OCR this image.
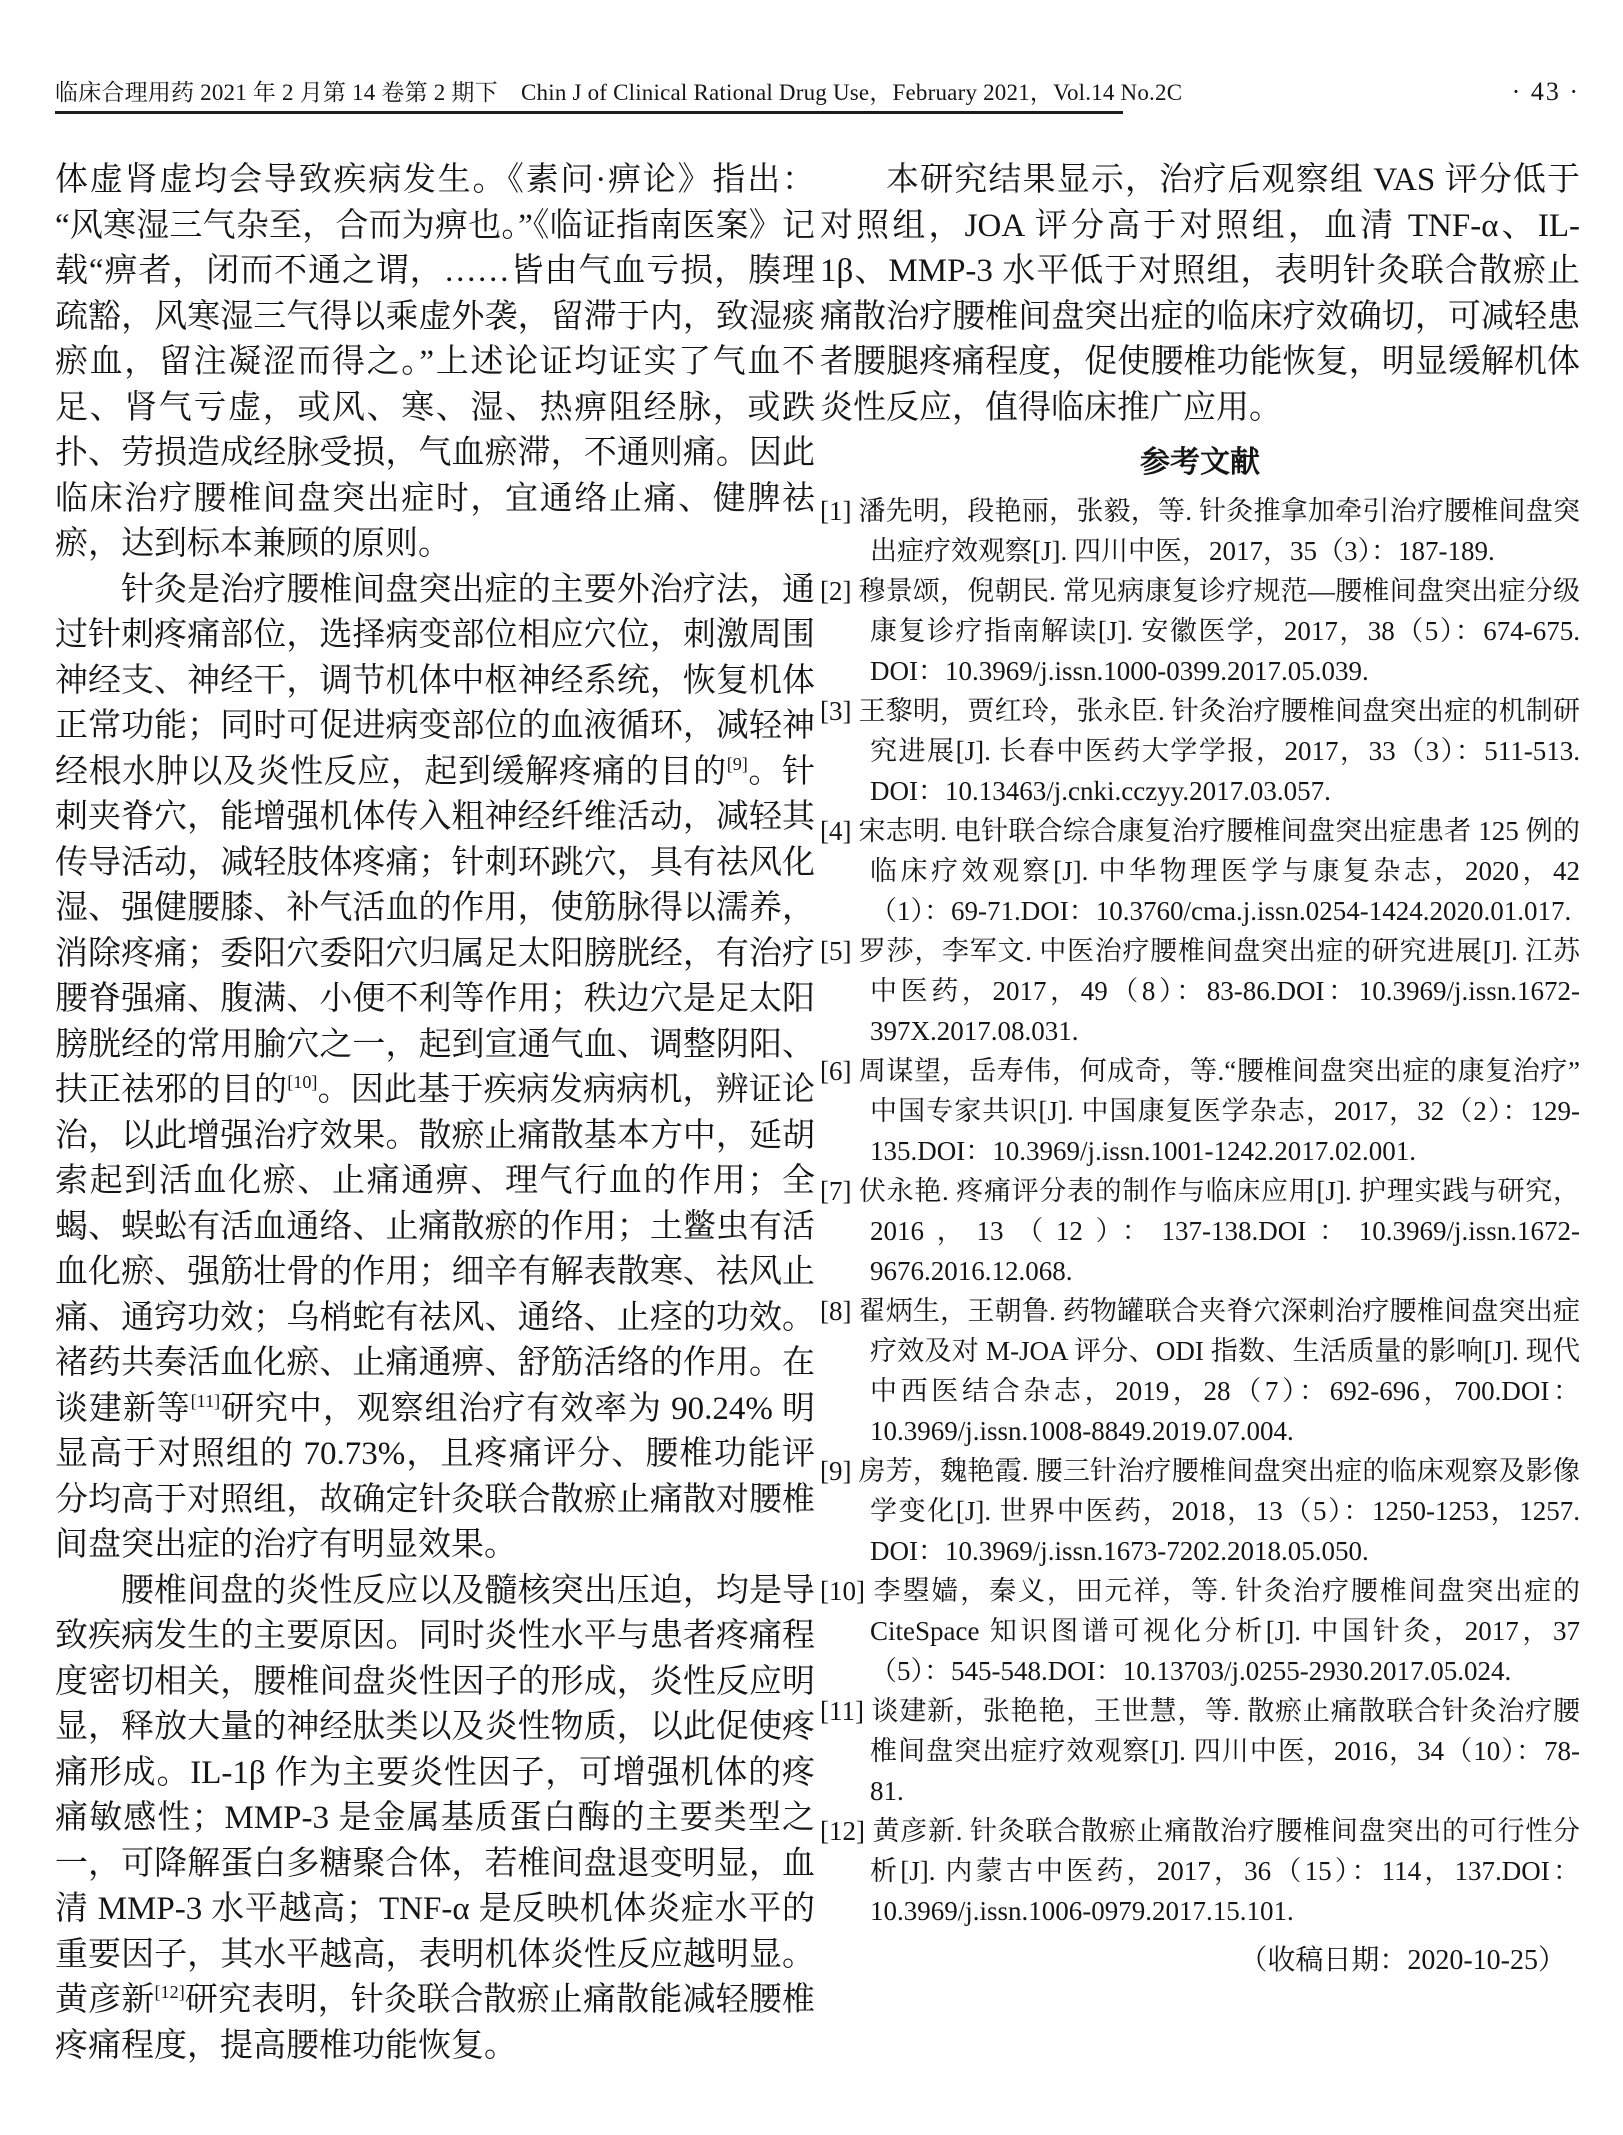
临床合理用药 2021 年 2 月第 14 卷第 2 期下　Chin J of Clinical Rational Drug Use，February 2021，Vol.14 No.2C	· 43 ·

体虚肾虚均会导致疾病发生。《素问·痹论》指出：“风寒湿三气杂至，合而为痹也。”《临证指南医案》记载“痹者，闭而不通之谓，……皆由气血亏损，腠理疏豁，风寒湿三气得以乘虚外袭，留滞于内，致湿痰瘀血，留注凝涩而得之。”上述论证均证实了气血不足、肾气亏虚，或风、寒、湿、热痹阻经脉，或跌扑、劳损造成经脉受损，气血瘀滞，不通则痛。因此临床治疗腰椎间盘突出症时，宜通络止痛、健脾祛瘀，达到标本兼顾的原则。

针灸是治疗腰椎间盘突出症的主要外治疗法，通过针刺疼痛部位，选择病变部位相应穴位，刺激周围神经支、神经干，调节机体中枢神经系统，恢复机体正常功能；同时可促进病变部位的血液循环，减轻神经根水肿以及炎性反应，起到缓解疼痛的目的[9]。针刺夹脊穴，能增强机体传入粗神经纤维活动，减轻其传导活动，减轻肢体疼痛；针刺环跳穴，具有祛风化湿、强健腰膝、补气活血的作用，使筋脉得以濡养，消除疼痛；委阳穴委阳穴归属足太阳膀胱经，有治疗腰脊强痛、腹满、小便不利等作用；秩边穴是足太阳膀胱经的常用腧穴之一，起到宣通气血、调整阴阳、扶正祛邪的目的[10]。因此基于疾病发病病机，辨证论治，以此增强治疗效果。散瘀止痛散基本方中，延胡索起到活血化瘀、止痛通痹、理气行血的作用；全蝎、蜈蚣有活血通络、止痛散瘀的作用；土鳖虫有活血化瘀、强筋壮骨的作用；细辛有解表散寒、祛风止痛、通窍功效；乌梢蛇有祛风、通络、止痉的功效。褚药共奏活血化瘀、止痛通痹、舒筋活络的作用。在谈建新等[11]研究中，观察组治疗有效率为 90.24% 明显高于对照组的 70.73%，且疼痛评分、腰椎功能评分均高于对照组，故确定针灸联合散瘀止痛散对腰椎间盘突出症的治疗有明显效果。

腰椎间盘的炎性反应以及髓核突出压迫，均是导致疾病发生的主要原因。同时炎性水平与患者疼痛程度密切相关，腰椎间盘炎性因子的形成，炎性反应明显，释放大量的神经肽类以及炎性物质，以此促使疼痛形成。IL-1β 作为主要炎性因子，可增强机体的疼痛敏感性；MMP-3 是金属基质蛋白酶的主要类型之一，可降解蛋白多糖聚合体，若椎间盘退变明显，血清 MMP-3 水平越高；TNF-α 是反映机体炎症水平的重要因子，其水平越高，表明机体炎性反应越明显。黄彦新[12]研究表明，针灸联合散瘀止痛散能减轻腰椎疼痛程度，提高腰椎功能恢复。

本研究结果显示，治疗后观察组 VAS 评分低于对照组，JOA 评分高于对照组，血清 TNF-α、IL-1β、MMP-3 水平低于对照组，表明针灸联合散瘀止痛散治疗腰椎间盘突出症的临床疗效确切，可减轻患者腰腿疼痛程度，促使腰椎功能恢复，明显缓解机体炎性反应，值得临床推广应用。

参考文献
[1] 潘先明，段艳丽，张毅，等. 针灸推拿加牵引治疗腰椎间盘突出症疗效观察[J]. 四川中医，2017，35（3）：187-189.
[2] 穆景颂，倪朝民. 常见病康复诊疗规范—腰椎间盘突出症分级康复诊疗指南解读[J]. 安徽医学，2017，38（5）：674-675. DOI：10.3969/j.issn.1000-0399.2017.05.039.
[3] 王黎明，贾红玲，张永臣. 针灸治疗腰椎间盘突出症的机制研究进展[J]. 长春中医药大学学报，2017，33（3）：511-513. DOI：10.13463/j.cnki.cczyy.2017.03.057.
[4] 宋志明. 电针联合综合康复治疗腰椎间盘突出症患者 125 例的临床疗效观察[J]. 中华物理医学与康复杂志，2020，42（1）：69-71.DOI：10.3760/cma.j.issn.0254-1424.2020.01.017.
[5] 罗莎，李军文. 中医治疗腰椎间盘突出症的研究进展[J]. 江苏中医药，2017，49（8）：83-86.DOI：10.3969/j.issn.1672-397X.2017.08.031.
[6] 周谋望，岳寿伟，何成奇，等.“腰椎间盘突出症的康复治疗”中国专家共识[J]. 中国康复医学杂志，2017，32（2）：129-135.DOI：10.3969/j.issn.1001-1242.2017.02.001.
[7] 伏永艳. 疼痛评分表的制作与临床应用[J]. 护理实践与研究，2016，13（12）：137-138.DOI：10.3969/j.issn.1672-9676.2016.12.068.
[8] 翟炳生，王朝鲁. 药物罐联合夹脊穴深刺治疗腰椎间盘突出症疗效及对 M-JOA 评分、ODI 指数、生活质量的影响[J]. 现代中西医结合杂志，2019，28（7）：692-696，700.DOI：10.3969/j.issn.1008-8849.2019.07.004.
[9] 房芳，魏艳霞. 腰三针治疗腰椎间盘突出症的临床观察及影像学变化[J]. 世界中医药，2018，13（5）：1250-1253，1257. DOI：10.3969/j.issn.1673-7202.2018.05.050.
[10] 李曌嫱，秦义，田元祥，等. 针灸治疗腰椎间盘突出症的 CiteSpace 知识图谱可视化分析[J]. 中国针灸，2017，37（5）：545-548.DOI：10.13703/j.0255-2930.2017.05.024.
[11] 谈建新，张艳艳，王世慧，等. 散瘀止痛散联合针灸治疗腰椎间盘突出症疗效观察[J]. 四川中医，2016，34（10）：78-81.
[12] 黄彦新. 针灸联合散瘀止痛散治疗腰椎间盘突出的可行性分析[J]. 内蒙古中医药，2017，36（15）：114，137.DOI：10.3969/j.issn.1006-0979.2017.15.101.
（收稿日期：2020-10-25）
